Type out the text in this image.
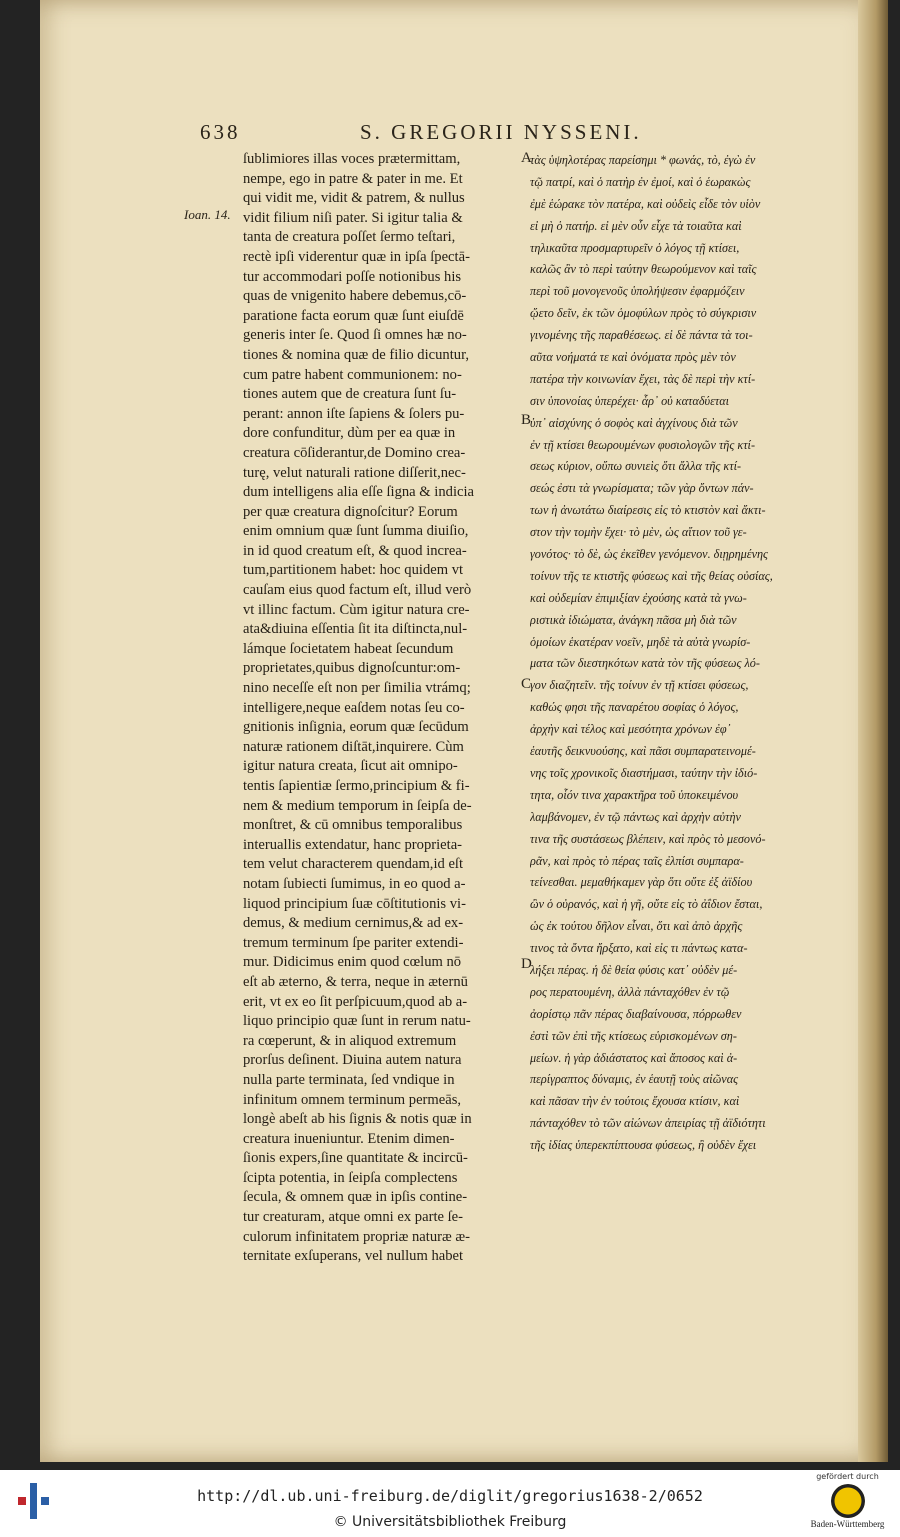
638	S. GREGORII NYSSENI.
Ioan. 14.
A
B
C
D
ſublimiores illas voces prætermittam,
nempe, ego in patre & pater in me. Et
qui vidit me, vidit & patrem, & nullus
vidit filium niſi pater. Si igitur talia &
tanta de creatura poſſet ſermo teſtari,
rectè ipſi viderentur quæ in ipſa ſpectā-
tur accommodari poſſe notionibus his
quas de vnigenito habere debemus,cō-
paratione facta eorum quæ ſunt eiuſdē
generis inter ſe. Quod ſi omnes hæ no-
tiones & nomina quæ de filio dicuntur,
cum patre habent communionem: no-
tiones autem que de creatura ſunt ſu-
perant: annon iſte ſapiens & ſolers pu-
dore confunditur, dùm per ea quæ in
creatura cōſiderantur,de Domino crea-
turę, velut naturali ratione diſſerit,nec-
dum intelligens alia eſſe ſigna & indicia
per quæ creatura dignoſcitur? Eorum
enim omnium quæ ſunt ſumma diuiſio,
in id quod creatum eſt, & quod increa-
tum,partitionem habet: hoc quidem vt
cauſam eius quod factum eſt, illud verò
vt illinc factum. Cùm igitur natura cre-
ata&diuina eſſentia ſit ita diſtincta,nul-
lámque ſocietatem habeat ſecundum
proprietates,quibus dignoſcuntur:om-
nino neceſſe eſt non per ſimilia vtrámq;
intelligere,neque eaſdem notas ſeu co-
gnitionis inſignia, eorum quæ ſecūdum
naturæ rationem diſtāt,inquirere. Cùm
igitur natura creata, ſicut ait omnipo-
tentis ſapientiæ ſermo,principium & fi-
nem & medium temporum in ſeipſa de-
monſtret, & cū omnibus temporalibus
interuallis extendatur, hanc proprieta-
tem velut characterem quendam,id eſt
notam ſubiecti ſumimus, in eo quod a-
liquod principium ſuæ cōſtitutionis vi-
demus, & medium cernimus,& ad ex-
tremum terminum ſpe pariter extendi-
mur. Didicimus enim quod cœlum nō
eſt ab æterno, & terra, neque in æternū
erit, vt ex eo ſit perſpicuum,quod ab a-
liquo principio quæ ſunt in rerum natu-
ra cœperunt, & in aliquod extremum
prorſus deſinent. Diuina autem natura
nulla parte terminata, ſed vndique in
infinitum omnem terminum permeās,
longè abeſt ab his ſignis & notis quæ in
creatura inueniuntur. Etenim dimen-
ſionis expers,ſine quantitate & incircū-
ſcipta potentia, in ſeipſa complectens
ſecula, & omnem quæ in ipſis contine-
tur creaturam, atque omni ex parte ſe-
culorum infinitatem propriæ naturæ æ-
ternitate exſuperans, vel nullum habet
τὰς ὑψηλοτέρας παρείσημι * φωνάς, τὸ, ἐγὼ ἐν
τῷ πατρί, καὶ ὁ πατὴρ ἐν ἐμοί, καὶ ὁ ἑωρακὼς
ἐμὲ ἑώρακε τὸν πατέρα, καὶ οὐδεὶς εἶδε τὸν υἱὸν
εἰ μὴ ὁ πατήρ. εἰ μὲν οὖν εἶχε τὰ τοιαῦτα καὶ
τηλικαῦτα προσμαρτυρεῖν ὁ λόγος τῇ κτίσει,
καλῶς ἂν τὸ περὶ ταύτην θεωρούμενον καὶ ταῖς
περὶ τοῦ μονογενοῦς ὑπολήψεσιν ἐφαρμόζειν
ᾤετο δεῖν, ἐκ τῶν ὁμοφύλων πρὸς τὸ σύγκρισιν
γινομένης τῆς παραθέσεως. εἰ δὲ πάντα τὰ τοι-
αῦτα νοήματά τε καὶ ὀνόματα πρὸς μὲν τὸν
πατέρα τὴν κοινωνίαν ἔχει, τὰς δὲ περὶ τὴν κτί-
σιν ὑπονοίας ὑπερέχει· ἆρ᾽ οὐ καταδύεται
ὑπ᾽ αἰσχύνης ὁ σοφὸς καὶ ἀγχίνους διὰ τῶν
ἐν τῇ κτίσει θεωρουμένων φυσιολογῶν τῆς κτί-
σεως κύριον, οὔπω συνιεὶς ὅτι ἄλλα τῆς κτί-
σεώς ἐστι τὰ γνωρίσματα; τῶν γὰρ ὄντων πάν-
των ἡ ἀνωτάτω διαίρεσις εἰς τὸ κτιστὸν καὶ ἄκτι-
στον τὴν τομὴν ἔχει· τὸ μὲν, ὡς αἴτιον τοῦ γε-
γονότος· τὸ δὲ, ὡς ἐκεῖθεν γενόμενον. διῃρημένης
τοίνυν τῆς τε κτιστῆς φύσεως καὶ τῆς θείας οὐσίας,
καὶ οὐδεμίαν ἐπιμιξίαν ἐχούσης κατὰ τὰ γνω-
ριστικὰ ἰδιώματα, ἀνάγκη πᾶσα μὴ διὰ τῶν
ὁμοίων ἑκατέραν νοεῖν, μηδὲ τὰ αὐτὰ γνωρίσ-
ματα τῶν διεστηκότων κατὰ τὸν τῆς φύσεως λό-
γον διαζητεῖν. τῆς τοίνυν ἐν τῇ κτίσει φύσεως,
καθώς φησι τῆς παναρέτου σοφίας ὁ λόγος,
ἀρχὴν καὶ τέλος καὶ μεσότητα χρόνων ἐφ᾽
ἑαυτῆς δεικνυούσης, καὶ πᾶσι συμπαρατεινομέ-
νης τοῖς χρονικοῖς διαστήμασι, ταύτην τὴν ἰδιό-
τητα, οἷόν τινα χαρακτῆρα τοῦ ὑποκειμένου
λαμβάνομεν, ἐν τῷ πάντως καὶ ἀρχὴν αὐτὴν
τινα τῆς συστάσεως βλέπειν, καὶ πρὸς τὸ μεσονό-
ρᾶν, καὶ πρὸς τὸ πέρας ταῖς ἐλπίσι συμπαρα-
τείνεσθαι. μεμαθήκαμεν γὰρ ὅτι οὔτε ἐξ ἀϊδίου
ὢν ὁ οὐρανός, καὶ ἡ γῆ, οὔτε εἰς τὸ ἀΐδιον ἔσται,
ὡς ἐκ τούτου δῆλον εἶναι, ὅτι καὶ ἀπὸ ἀρχῆς
τινος τὰ ὄντα ἤρξατο, καὶ εἰς τι πάντως κατα-
λήξει πέρας. ἡ δὲ θεία φύσις κατ᾽ οὐδὲν μέ-
ρος περατουμένη, ἀλλὰ πάνταχόθεν ἐν τῷ
ἀορίστῳ πᾶν πέρας διαβαίνουσα, πόρρωθεν
ἐστὶ τῶν ἐπὶ τῆς κτίσεως εὑρισκομένων ση-
μείων. ἡ γὰρ ἀδιάστατος καὶ ἄποσος καὶ ἀ-
περίγραπτος δύναμις, ἐν ἑαυτῇ τοὺς αἰῶνας
καὶ πᾶσαν τὴν ἐν τούτοις ἔχουσα κτίσιν, καὶ
πάνταχόθεν τὸ τῶν αἰώνων ἀπειρίας τῇ ἀϊδιότητι
τῆς ἰδίας ὑπερεκπίπτουσα φύσεως, ἢ οὐδὲν ἔχει
http://dl.ub.uni-freiburg.de/diglit/gregorius1638-2/0652
© Universitätsbibliothek Freiburg
gefördert durch
Baden-Württemberg
